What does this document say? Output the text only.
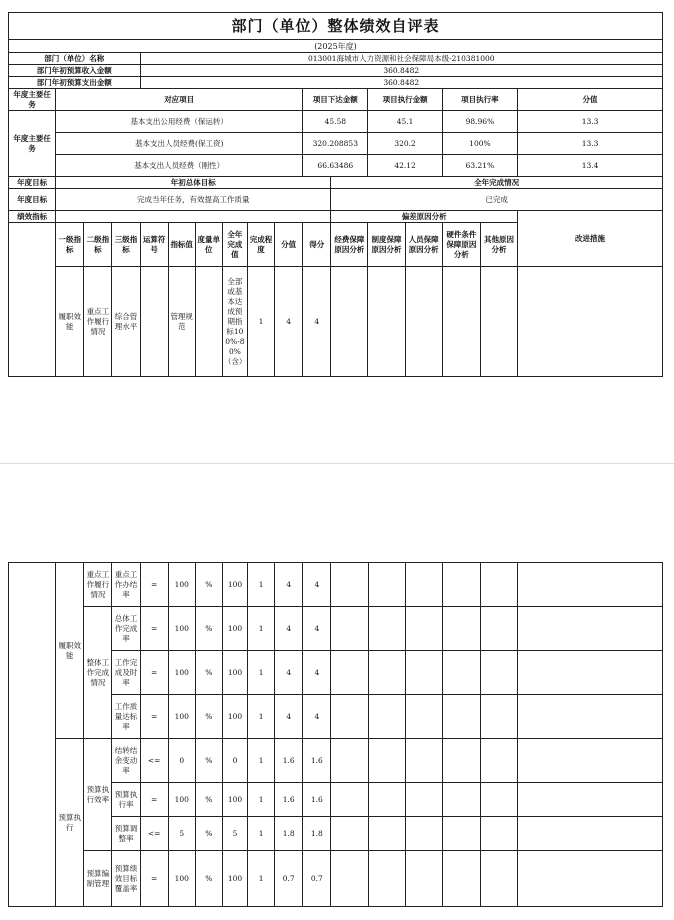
部门（单位）整体绩效自评表																

(2025年度)																

部门（单位）名称				013001海城市人力资源和社会保障局本级-210381000												
部门年初预算收入金额				360.8482												
部门年初预算支出金额				360.8482												
年度主要任务	对应项目									项目下达金额		项目执行金额		项目执行率		分值
年度主要任务	基本支出公用经费（保运转）									45.58		45.1		98.96%		13.3
	基本支出人员经费(保工资)									320.208853		320.2		100%		13.3
	基本支出人员经费（刚性）									66.63486		42.12		63.21%		13.4
年度目标	年初总体目标										全年完成情况					
年度目标	完成当年任务，有效提高工作质量										已完成					
绩效指标											偏差原因分析					改进措施
	一级指标	二级指标	三级指标	运算符号	指标值	度量单位	全年完成值	完成程度	分值	得分	经费保障原因分析	制度保障原因分析	人员保障原因分析	硬件条件保障原因分析	其他原因分析	
	履职效能	重点工作履行情况	综合管理水平		管理规范		全部或基本达成预期指标100%-80%（含）	1	4	4						
	履职效能	重点工作履行情况	重点工作办结率	=	100	%	100	1	4	4						
		整体工作完成情况	总体工作完成率	=	100	%	100	1	4	4						
			工作完成及时率	=	100	%	100	1	4	4						
			工作质量达标率	=	100	%	100	1	4	4						
	预算执行	预算执行效率	结转结余变动率	<=	0	%	0	1	1.6	1.6						
			预算执行率	=	100	%	100	1	1.6	1.6						
			预算调整率	<=	5	%	5	1	1.8	1.8						
		预算编制管理	预算绩效目标覆盖率	=	100	%	100	1	0.7	0.7						
